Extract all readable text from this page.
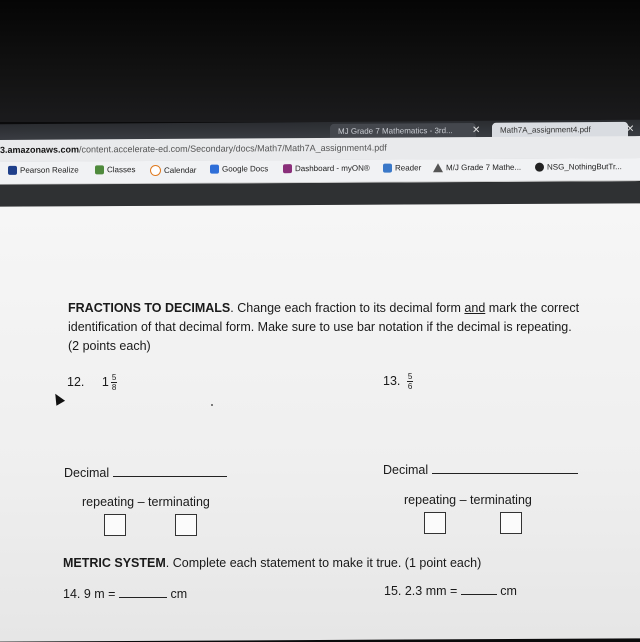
MJ Grade 7 Mathematics - 3rd...	✕	Math7A_assignment4.pdf	✕
3.amazonaws.com/content.accelerate-ed.com/Secondary/docs/Math7/Math7A_assignment4.pdf
Pearson Realize	Classes	Calendar	Google Docs	Dashboard - myON®	Reader	M/J Grade 7 Mathe...	NSG_NothingButTr...
FRACTIONS TO DECIMALS. Change each fraction to its decimal form and mark the correct
identification of that decimal form. Make sure to use bar notation if the decimal is repeating.
(2 points each)
12. $1 \frac{5}{8}$	13. $\frac{5}{6}$
Decimal	Decimal
repeating – terminating	repeating – terminating
METRIC SYSTEM. Complete each statement to make it true. (1 point each)
14. 9 m =	cm	15. 2.3 mm =	cm
